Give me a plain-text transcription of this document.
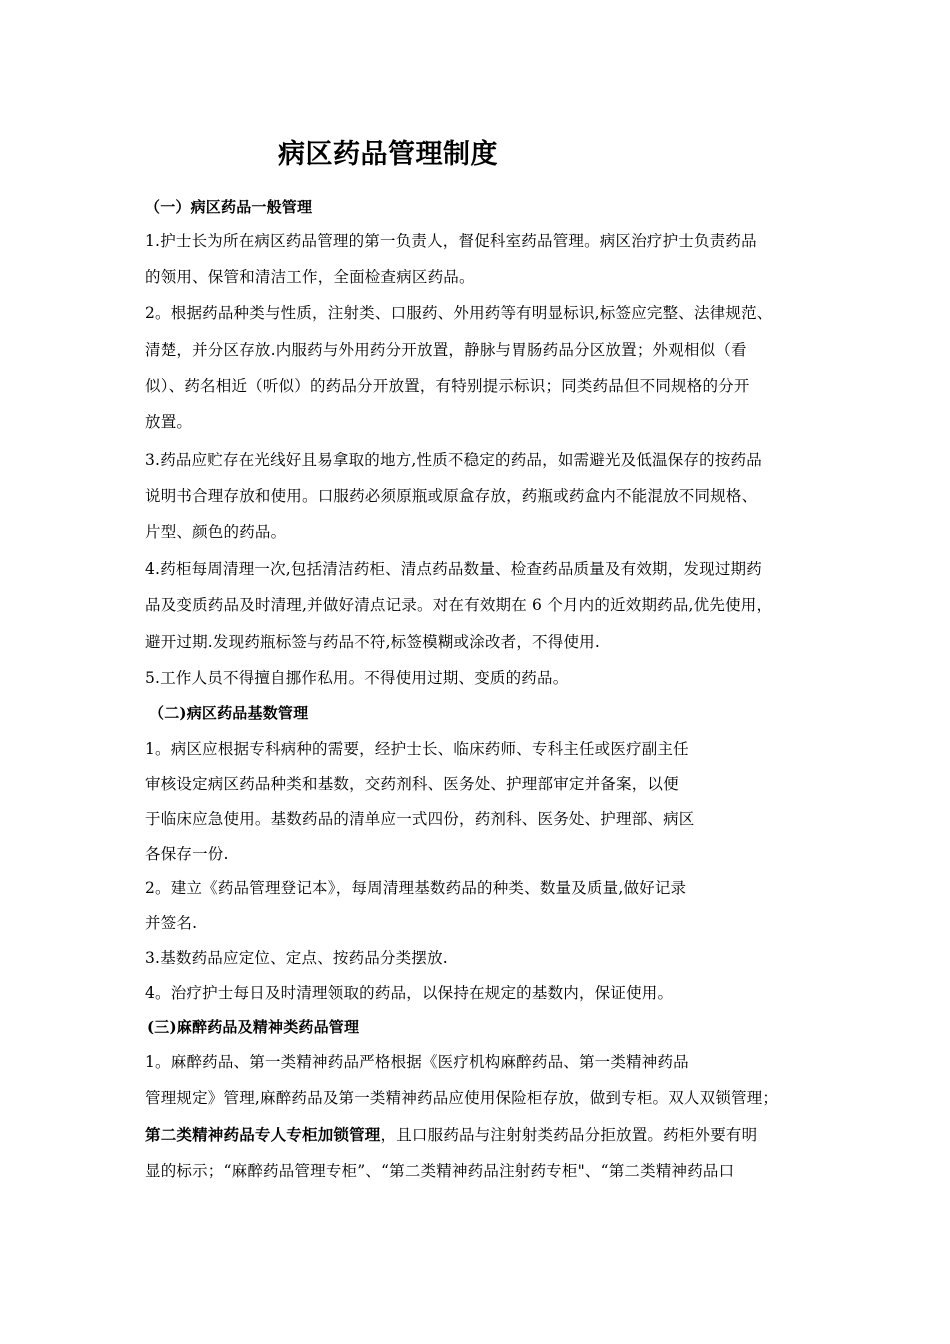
病区药品管理制度
（一）病区药品一般管理
1.护士长为所在病区药品管理的第一负责人，督促科室药品管理。病区治疗护士负责药品
的领用、保管和清洁工作，全面检查病区药品。
2。根据药品种类与性质，注射类、口服药、外用药等有明显标识,标签应完整、法律规范、
清楚，并分区存放.内服药与外用药分开放置，静脉与胃肠药品分区放置；外观相似（看
似）、药名相近（听似）的药品分开放置，有特别提示标识；同类药品但不同规格的分开
放置。
3.药品应贮存在光线好且易拿取的地方,性质不稳定的药品，如需避光及低温保存的按药品
说明书合理存放和使用。口服药必须原瓶或原盒存放，药瓶或药盒内不能混放不同规格、
片型、颜色的药品。
4.药柜每周清理一次,包括清洁药柜、清点药品数量、检查药品质量及有效期，发现过期药
品及变质药品及时清理,并做好清点记录。对在有效期在 6 个月内的近效期药品,优先使用，
避开过期.发现药瓶标签与药品不符,标签模糊或涂改者，不得使用.
5.工作人员不得擅自挪作私用。不得使用过期、变质的药品。
（二)病区药品基数管理
1。病区应根据专科病种的需要，经护士长、临床药师、专科主任或医疗副主任
审核设定病区药品种类和基数，交药剂科、医务处、护理部审定并备案，以便
于临床应急使用。基数药品的清单应一式四份，药剂科、医务处、护理部、病区
各保存一份.
2。建立《药品管理登记本》，每周清理基数药品的种类、数量及质量,做好记录
并签名.
3.基数药品应定位、定点、按药品分类摆放.
4。治疗护士每日及时清理领取的药品，以保持在规定的基数内，保证使用。
(三)麻醉药品及精神类药品管理
1。麻醉药品、第一类精神药品严格根据《医疗机构麻醉药品、第一类精神药品
管理规定》管理,麻醉药品及第一类精神药品应使用保险柜存放，做到专柜。双人双锁管理；
第二类精神药品专人专柜加锁管理，且口服药品与注射射类药品分拒放置。药柜外要有明
显的标示；“麻醉药品管理专柜”、“第二类精神药品注射药专柜"、“第二类精神药品口
